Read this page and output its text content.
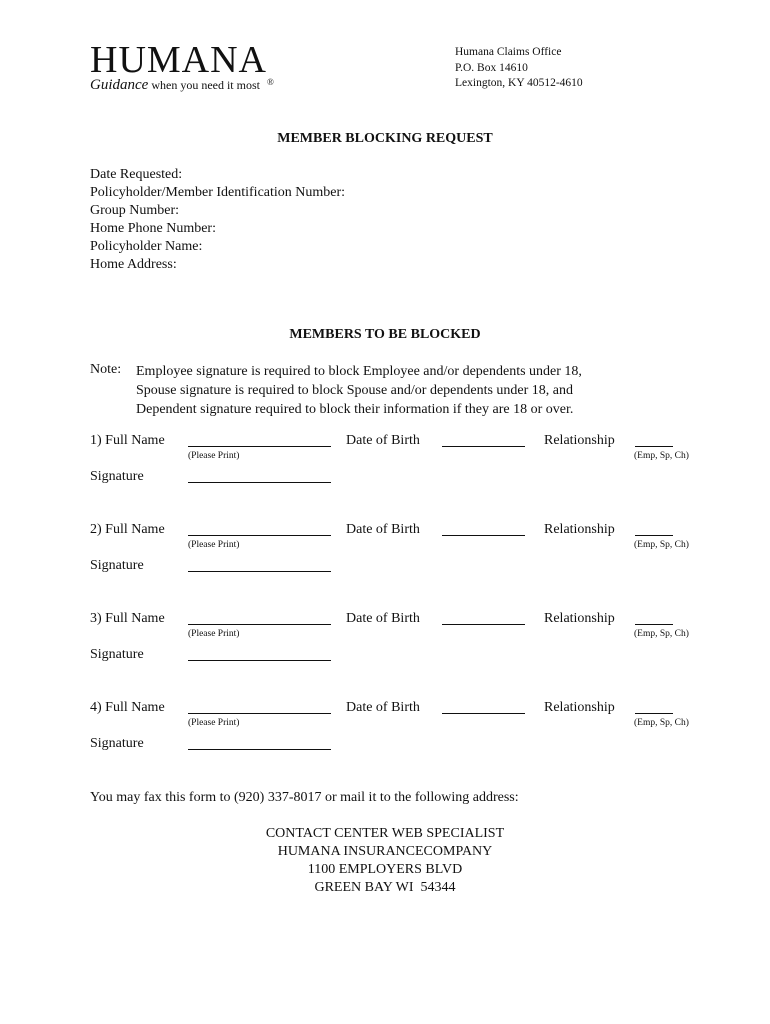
HUMANA®
Guidance when you need it most
Humana Claims Office
P.O. Box 14610
Lexington, KY 40512-4610
MEMBER BLOCKING REQUEST
Date Requested:
Policyholder/Member Identification Number:
Group Number:
Home Phone Number:
Policyholder Name:
Home Address:
MEMBERS TO BE BLOCKED
Note: Employee signature is required to block Employee and/or dependents under 18,
Spouse signature is required to block Spouse and/or dependents under 18, and
Dependent signature required to block their information if they are 18 or over.
1) Full Name
(Please Print)
Date of Birth	Relationship
(Emp, Sp, Ch)
Signature
2) Full Name
(Please Print)
Date of Birth	Relationship
(Emp, Sp, Ch)
Signature
3) Full Name
(Please Print)
Date of Birth	Relationship
(Emp, Sp, Ch)
Signature
4) Full Name
(Please Print)
Date of Birth	Relationship
(Emp, Sp, Ch)
Signature
You may fax this form to (920) 337-8017 or mail it to the following address:
CONTACT CENTER WEB SPECIALIST
HUMANA INSURANCECOMPANY
1100 EMPLOYERS BLVD
GREEN BAY WI  54344
